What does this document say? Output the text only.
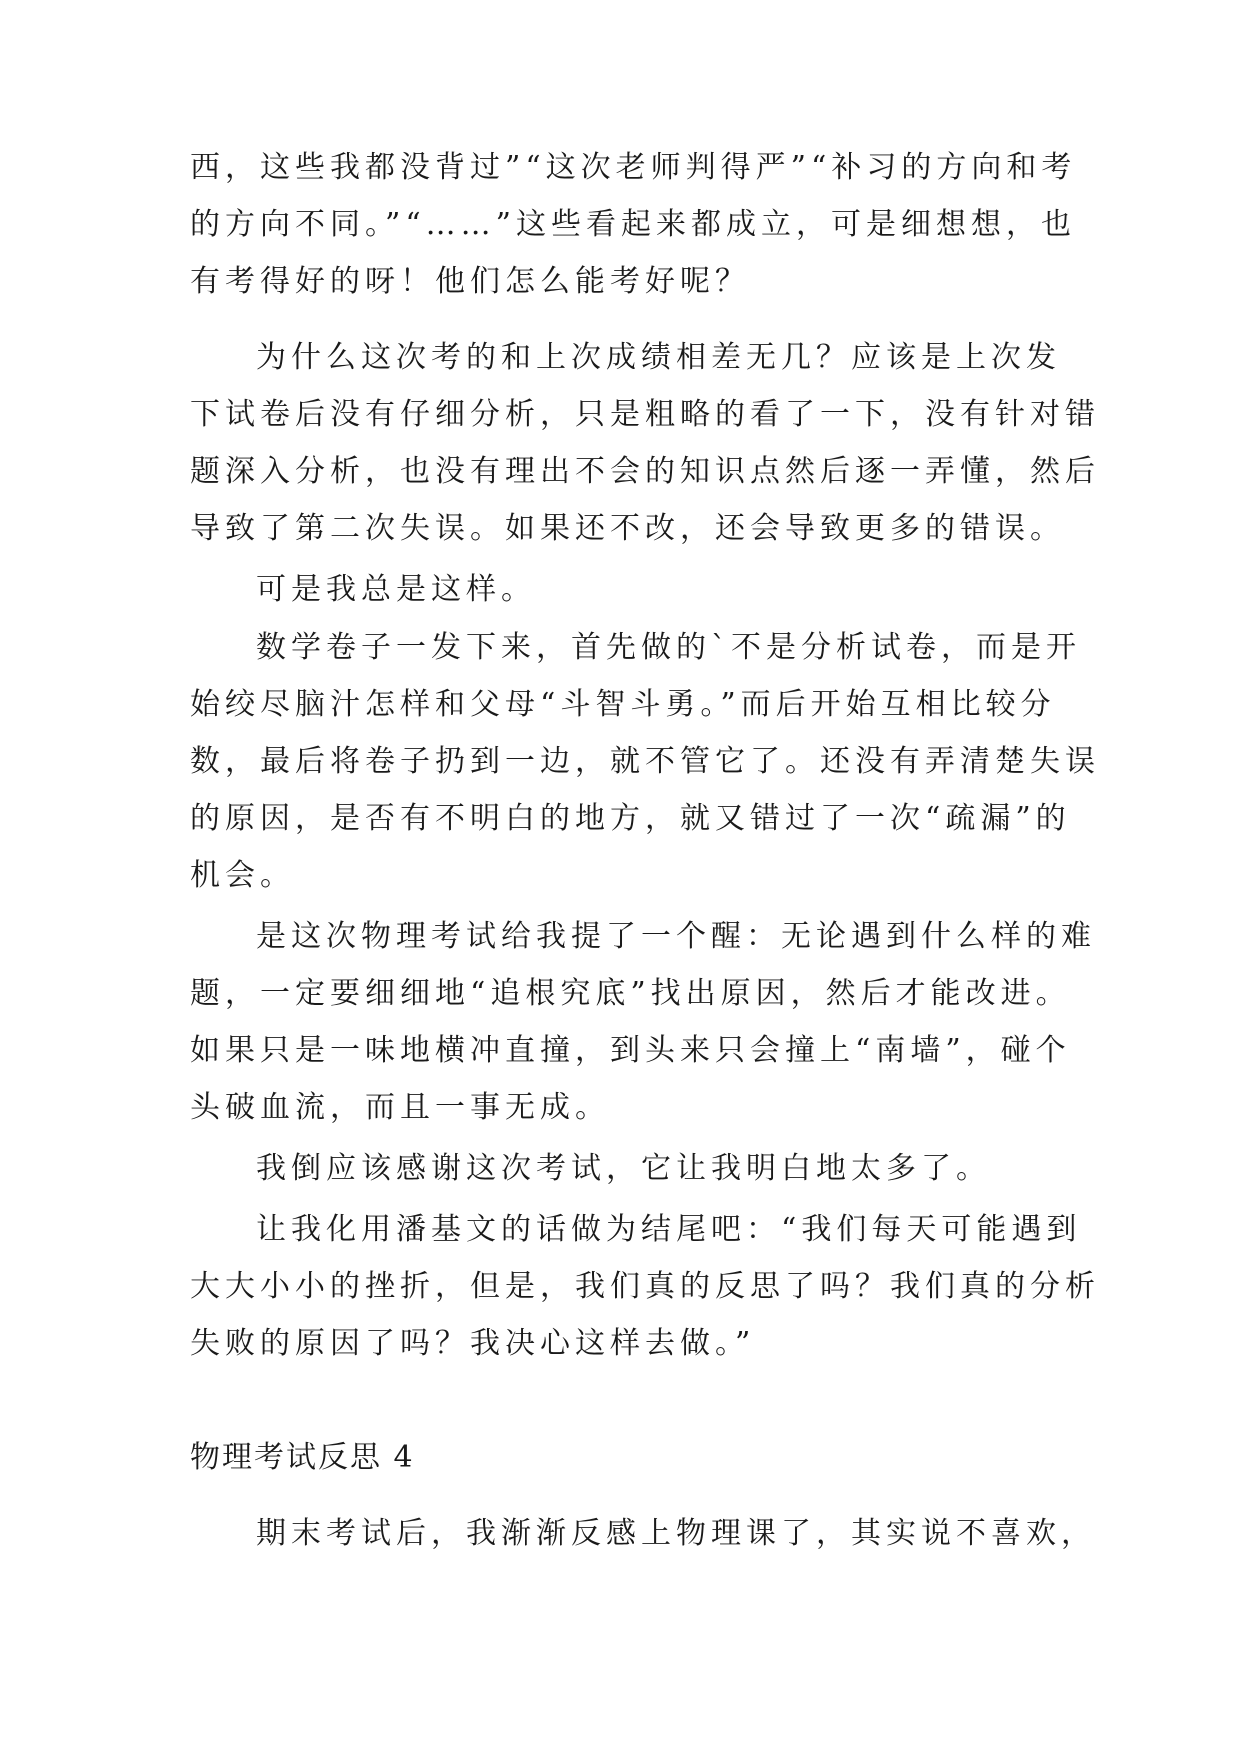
西，这些我都没背过”“这次老师判得严”“补习的方向和考
的方向不同。”“……”这些看起来都成立，可是细想想，也
有考得好的呀！他们怎么能考好呢？
为什么这次考的和上次成绩相差无几？应该是上次发
下试卷后没有仔细分析，只是粗略的看了一下，没有针对错
题深入分析，也没有理出不会的知识点然后逐一弄懂，然后
导致了第二次失误。如果还不改，还会导致更多的错误。
可是我总是这样。
数学卷子一发下来，首先做的`不是分析试卷，而是开
始绞尽脑汁怎样和父母“斗智斗勇。”而后开始互相比较分
数，最后将卷子扔到一边，就不管它了。还没有弄清楚失误
的原因，是否有不明白的地方，就又错过了一次“疏漏”的
机会。
是这次物理考试给我提了一个醒：无论遇到什么样的难
题，一定要细细地“追根究底”找出原因，然后才能改进。
如果只是一味地横冲直撞，到头来只会撞上“南墙”，碰个
头破血流，而且一事无成。
我倒应该感谢这次考试，它让我明白地太多了。
让我化用潘基文的话做为结尾吧：“我们每天可能遇到
大大小小的挫折，但是，我们真的反思了吗？我们真的分析
失败的原因了吗？我决心这样去做。”
物理考试反思 4
期末考试后，我渐渐反感上物理课了，其实说不喜欢，
